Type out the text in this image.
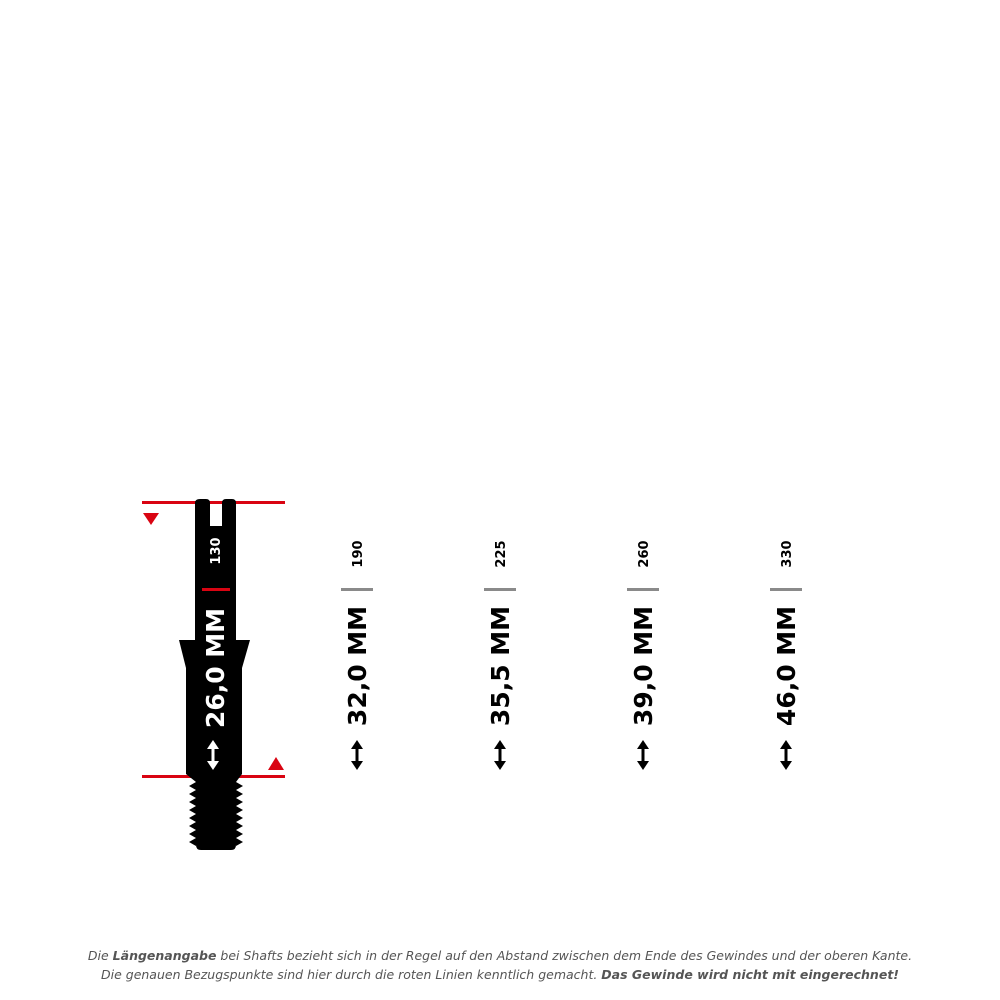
130
26,0 MM
190
32,0 MM
225
35,5 MM
260
39,0 MM
330
46,0 MM
Die Längenangabe bei Shafts bezieht sich in der Regel auf den Abstand zwischen dem Ende des Gewindes und der oberen Kante.
Die genauen Bezugspunkte sind hier durch die roten Linien kenntlich gemacht. Das Gewinde wird nicht mit eingerechnet!
